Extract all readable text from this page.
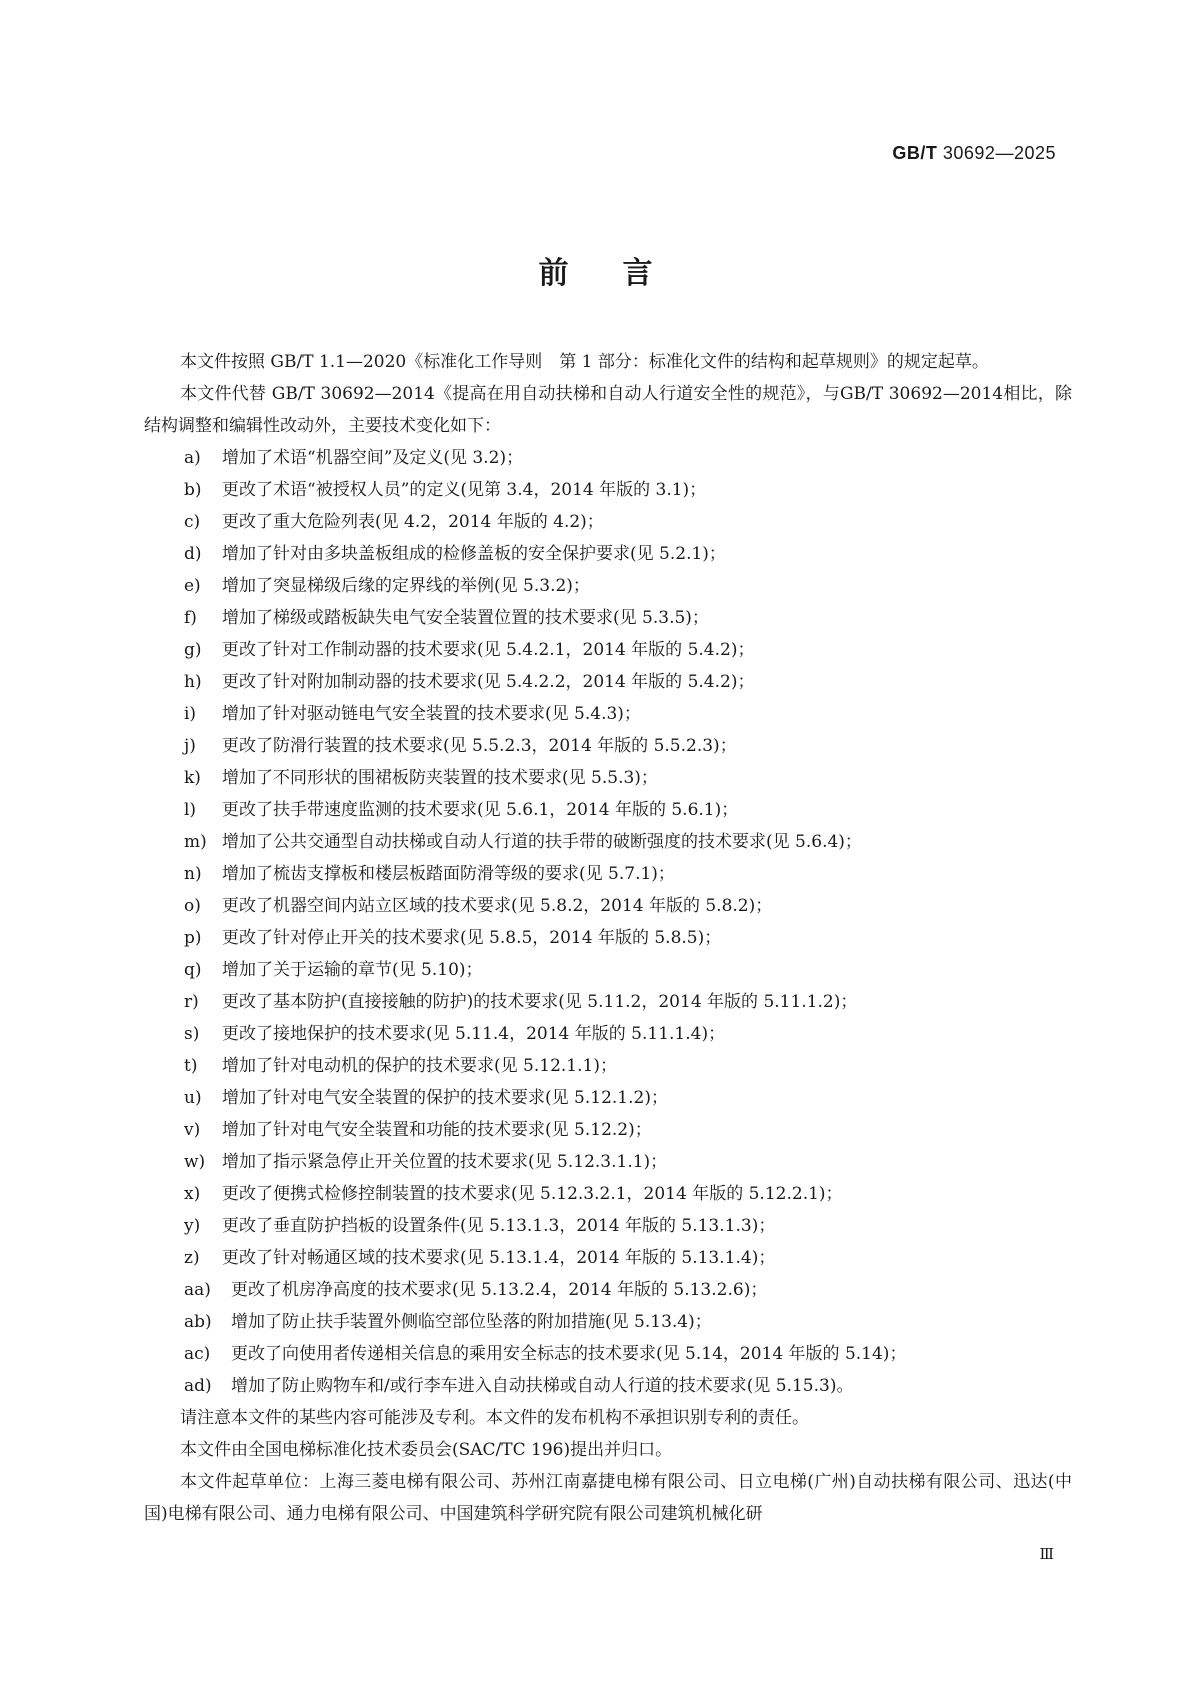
GB/T 30692—2025
前言

本文件按照 GB/T 1.1—2020《标准化工作导则　第 1 部分：标准化文件的结构和起草规则》的规定起草。

本文件代替 GB/T 30692—2014《提高在用自动扶梯和自动人行道安全性的规范》，与GB/T 30692—2014相比，除结构调整和编辑性改动外，主要技术变化如下：

a)	增加了术语“机器空间”及定义(见 3.2)；
b)	更改了术语“被授权人员”的定义(见第 3.4，2014 年版的 3.1)；
c)	更改了重大危险列表(见 4.2，2014 年版的 4.2)；
d)	增加了针对由多块盖板组成的检修盖板的安全保护要求(见 5.2.1)；
e)	增加了突显梯级后缘的定界线的举例(见 5.3.2)；
f)	增加了梯级或踏板缺失电气安全装置位置的技术要求(见 5.3.5)；
g)	更改了针对工作制动器的技术要求(见 5.4.2.1，2014 年版的 5.4.2)；
h)	更改了针对附加制动器的技术要求(见 5.4.2.2，2014 年版的 5.4.2)；
i)	增加了针对驱动链电气安全装置的技术要求(见 5.4.3)；
j)	更改了防滑行装置的技术要求(见 5.5.2.3，2014 年版的 5.5.2.3)；
k)	增加了不同形状的围裙板防夹装置的技术要求(见 5.5.3)；
l)	更改了扶手带速度监测的技术要求(见 5.6.1，2014 年版的 5.6.1)；
m) 增加了公共交通型自动扶梯或自动人行道的扶手带的破断强度的技术要求(见 5.6.4)；
n)	增加了梳齿支撑板和楼层板踏面防滑等级的要求(见 5.7.1)；
o)	更改了机器空间内站立区域的技术要求(见 5.8.2，2014 年版的 5.8.2)；
p)	更改了针对停止开关的技术要求(见 5.8.5，2014 年版的 5.8.5)；
q)	增加了关于运输的章节(见 5.10)；
r)	更改了基本防护(直接接触的防护)的技术要求(见 5.11.2，2014 年版的 5.11.1.2)；
s)	更改了接地保护的技术要求(见 5.11.4，2014 年版的 5.11.1.4)；
t)	增加了针对电动机的保护的技术要求(见 5.12.1.1)；
u)	增加了针对电气安全装置的保护的技术要求(见 5.12.1.2)；
v)	增加了针对电气安全装置和功能的技术要求(见 5.12.2)；
w) 增加了指示紧急停止开关位置的技术要求(见 5.12.3.1.1)；
x)	更改了便携式检修控制装置的技术要求(见 5.12.3.2.1，2014 年版的 5.12.2.1)；
y)	更改了垂直防护挡板的设置条件(见 5.13.1.3，2014 年版的 5.13.1.3)；
z)	更改了针对畅通区域的技术要求(见 5.13.1.4，2014 年版的 5.13.1.4)；
aa)	更改了机房净高度的技术要求(见 5.13.2.4，2014 年版的 5.13.2.6)；
ab)	增加了防止扶手装置外侧临空部位坠落的附加措施(见 5.13.4)；
ac)	更改了向使用者传递相关信息的乘用安全标志的技术要求(见 5.14，2014 年版的 5.14)；
ad)	增加了防止购物车和/或行李车进入自动扶梯或自动人行道的技术要求(见 5.15.3)。

请注意本文件的某些内容可能涉及专利。本文件的发布机构不承担识别专利的责任。

本文件由全国电梯标准化技术委员会(SAC/TC 196)提出并归口。

本文件起草单位：上海三菱电梯有限公司、苏州江南嘉捷电梯有限公司、日立电梯(广州)自动扶梯有限公司、迅达(中国)电梯有限公司、通力电梯有限公司、中国建筑科学研究院有限公司建筑机械化研

Ⅲ
